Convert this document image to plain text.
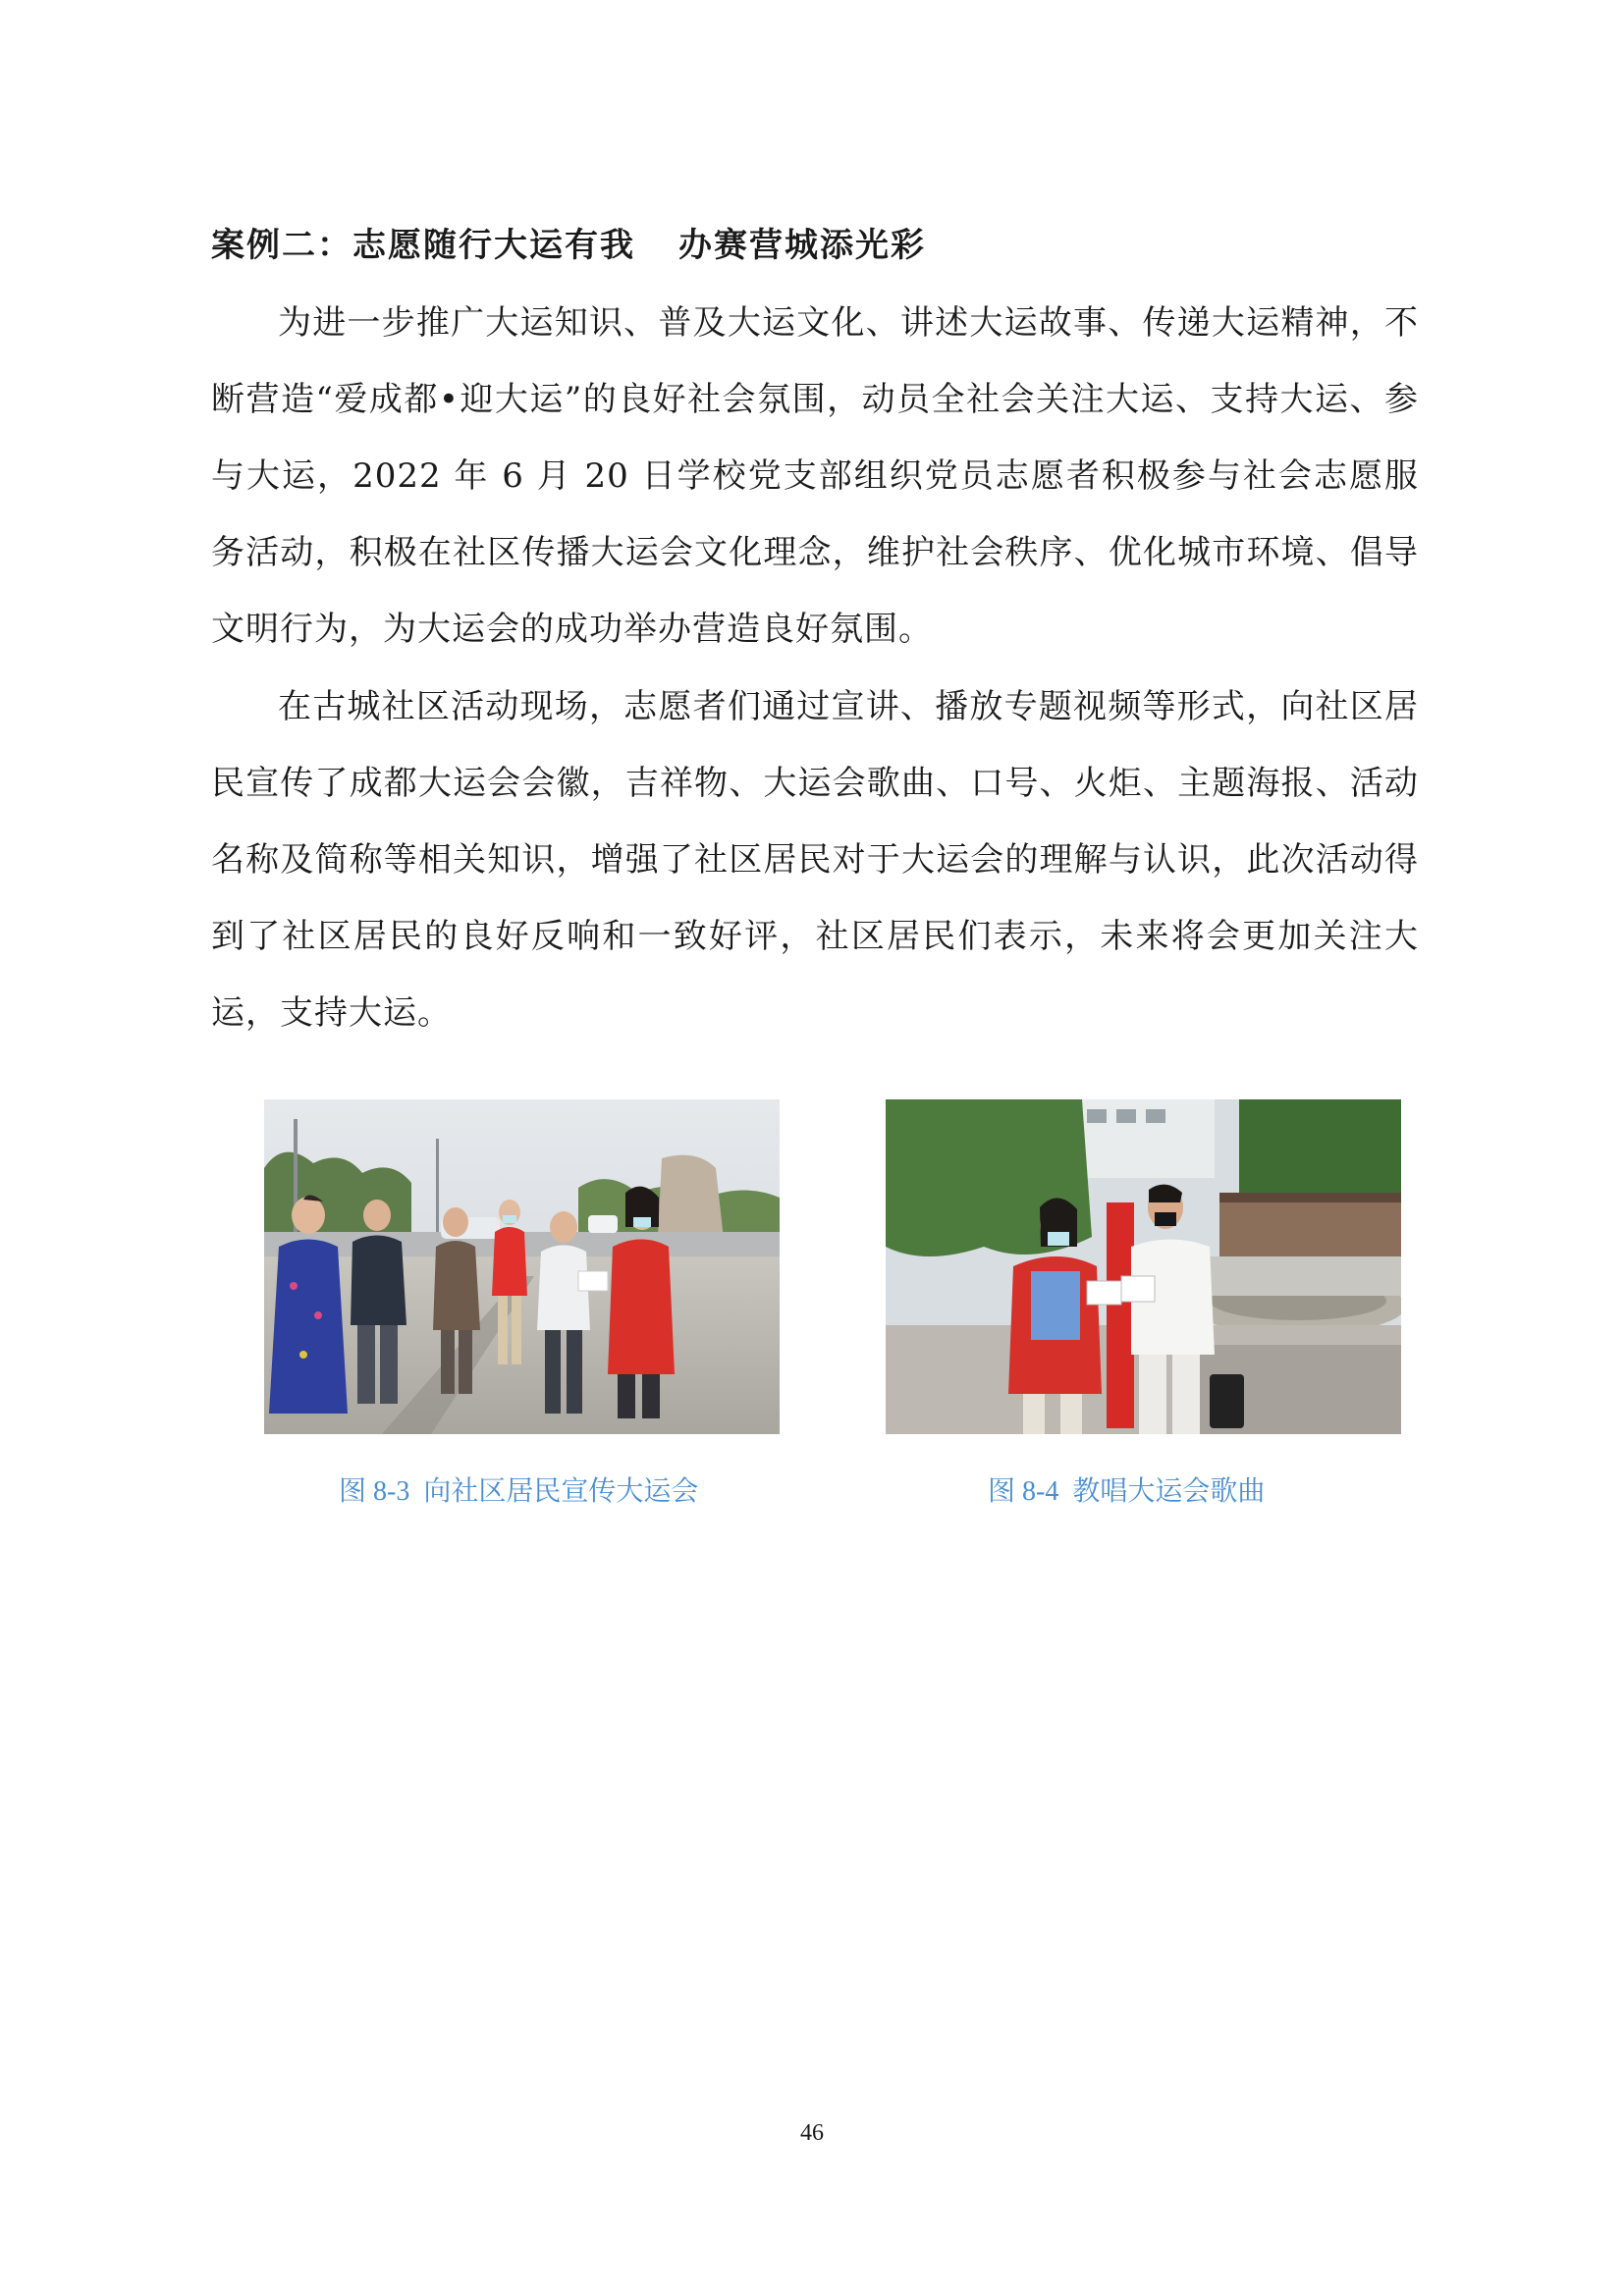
案例二：志愿随行大运有我 办赛营城添光彩
为进一步推广大运知识、普及大运文化、讲述大运故事、传递大运精神，不断营造“爱成都•迎大运”的良好社会氛围，动员全社会关注大运、支持大运、参与大运，2022 年 6 月 20 日学校党支部组织党员志愿者积极参与社会志愿服务活动，积极在社区传播大运会文化理念，维护社会秩序、优化城市环境、倡导文明行为，为大运会的成功举办营造良好氛围。
在古城社区活动现场，志愿者们通过宣讲、播放专题视频等形式，向社区居民宣传了成都大运会会徽，吉祥物、大运会歌曲、口号、火炬、主题海报、活动名称及简称等相关知识，增强了社区居民对于大运会的理解与认识，此次活动得到了社区居民的良好反响和一致好评，社区居民们表示，未来将会更加关注大运，支持大运。
图 8-3 向社区居民宣传大运会	图 8-4 教唱大运会歌曲
46
